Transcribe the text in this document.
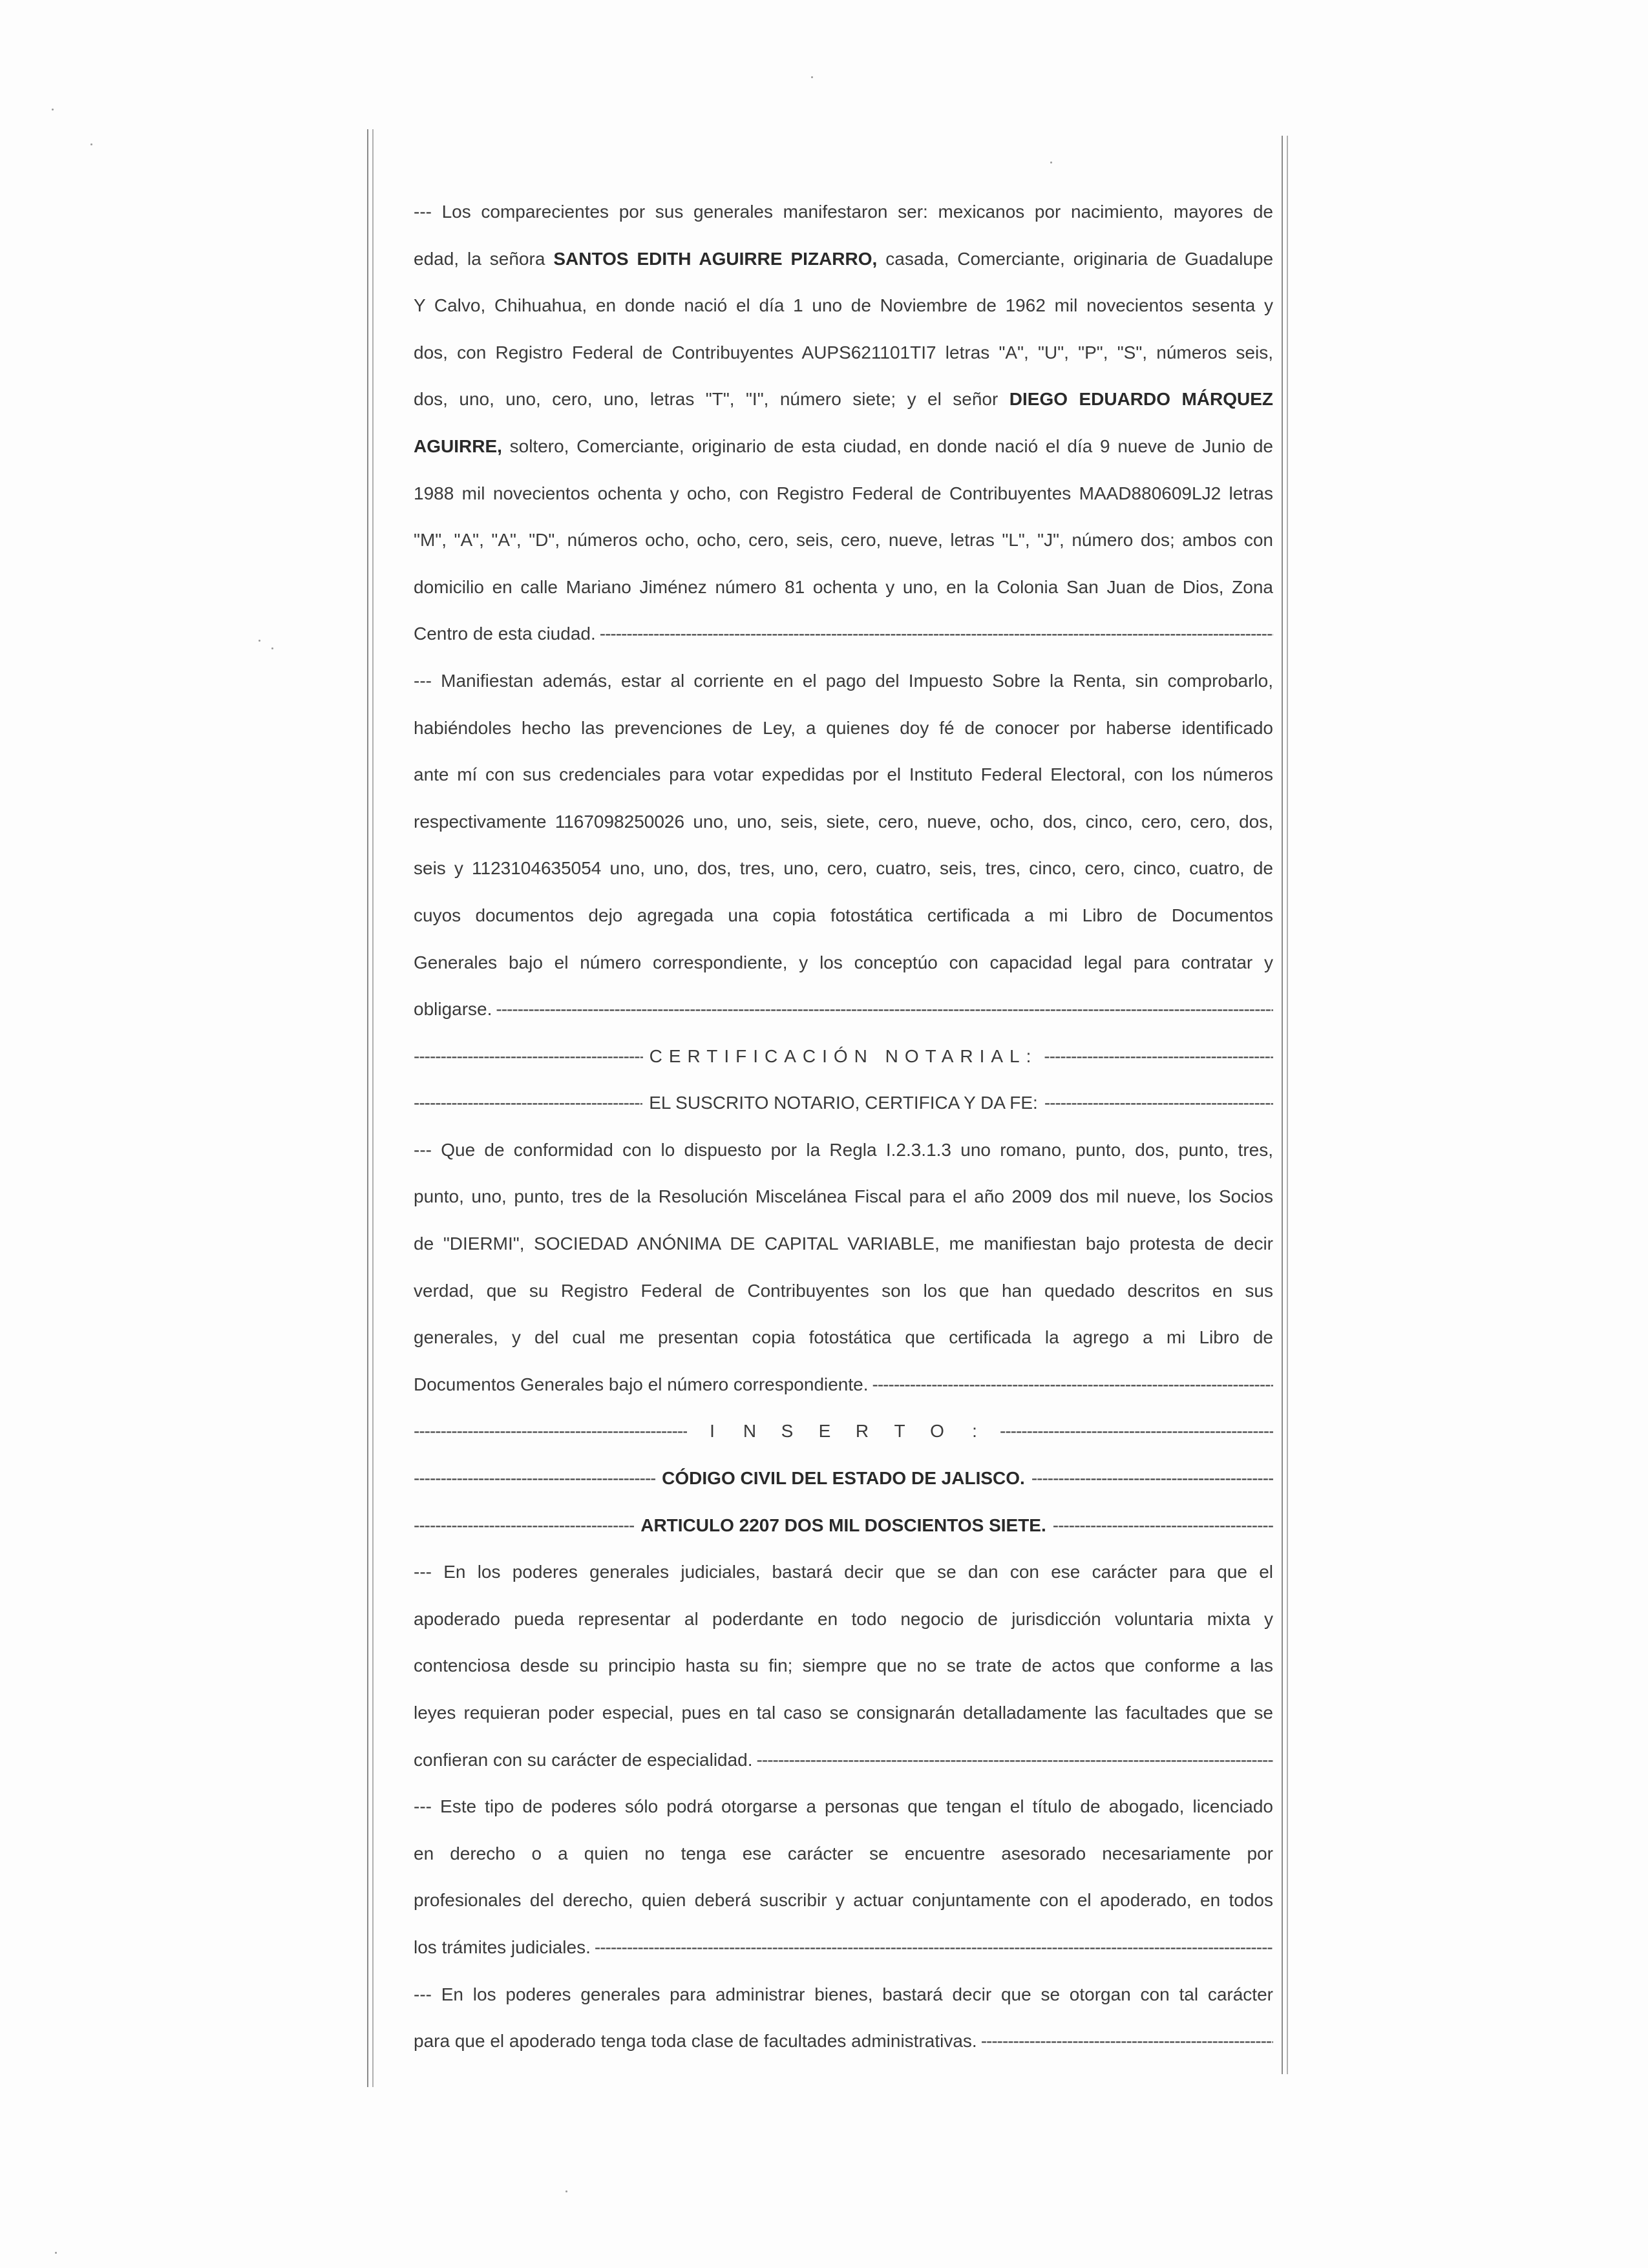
--- Los comparecientes por sus generales manifestaron ser: mexicanos por nacimiento, mayores de
edad, la señora SANTOS EDITH AGUIRRE PIZARRO, casada, Comerciante, originaria de Guadalupe
Y Calvo, Chihuahua, en donde nació el día 1 uno de Noviembre de 1962 mil novecientos sesenta y
dos, con Registro Federal de Contribuyentes AUPS621101TI7 letras "A", "U", "P", "S", números seis,
dos, uno, uno, cero, uno, letras "T", "I", número siete; y el señor DIEGO EDUARDO MÁRQUEZ
AGUIRRE, soltero, Comerciante, originario de esta ciudad, en donde nació el día 9 nueve de Junio de
1988 mil novecientos ochenta y ocho, con Registro Federal de Contribuyentes MAAD880609LJ2 letras
"M", "A", "A", "D", números ocho, ocho, cero, seis, cero, nueve, letras "L", "J", número dos; ambos con
domicilio en calle Mariano Jiménez número 81 ochenta y uno, en la Colonia San Juan de Dios, Zona
Centro de esta ciudad.
-----
--- Manifiestan además, estar al corriente en el pago del Impuesto Sobre la Renta, sin comprobarlo,
habiéndoles hecho las prevenciones de Ley, a quienes doy fé de conocer por haberse identificado
ante mí con sus credenciales para votar expedidas por el Instituto Federal Electoral, con los números
respectivamente 1167098250026 uno, uno, seis, siete, cero, nueve, ocho, dos, cinco, cero, cero, dos,
seis y 1123104635054 uno, uno, dos, tres, uno, cero, cuatro, seis, tres, cinco, cero, cinco, cuatro, de
cuyos documentos dejo agregada una copia fotostática certificada a mi Libro de Documentos
Generales bajo el número correspondiente, y los conceptúo con capacidad legal para contratar y
obligarse.
-----
-----
CERTIFICACIÓN NOTARIAL:
-----
-----
EL SUSCRITO NOTARIO, CERTIFICA Y DA FE:
-----
--- Que de conformidad con lo dispuesto por la Regla I.2.3.1.3 uno romano, punto, dos, punto, tres,
punto, uno, punto, tres de la Resolución Miscelánea Fiscal para el año 2009 dos mil nueve, los Socios
de "DIERMI", SOCIEDAD ANÓNIMA DE CAPITAL VARIABLE, me manifiestan bajo protesta de decir
verdad, que su Registro Federal de Contribuyentes son los que han quedado descritos en sus
generales, y del cual me presentan copia fotostática que certificada la agrego a mi Libro de
Documentos Generales bajo el número correspondiente.
-----
-----
I N S E R T O :
-----
-----
CÓDIGO CIVIL DEL ESTADO DE JALISCO.
-----
-----
ARTICULO 2207 DOS MIL DOSCIENTOS SIETE.
-----
--- En los poderes generales judiciales, bastará decir que se dan con ese carácter para que el
apoderado pueda representar al poderdante en todo negocio de jurisdicción voluntaria mixta y
contenciosa desde su principio hasta su fin; siempre que no se trate de actos que conforme a las
leyes requieran poder especial, pues en tal caso se consignarán detalladamente las facultades que se
confieran con su carácter de especialidad.
-----
--- Este tipo de poderes sólo podrá otorgarse a personas que tengan el título de abogado, licenciado
en derecho o a quien no tenga ese carácter se encuentre asesorado necesariamente por
profesionales del derecho, quien deberá suscribir y actuar conjuntamente con el apoderado, en todos
los trámites judiciales.
-----
--- En los poderes generales para administrar bienes, bastará decir que se otorgan con tal carácter
para que el apoderado tenga toda clase de facultades administrativas.
-----
